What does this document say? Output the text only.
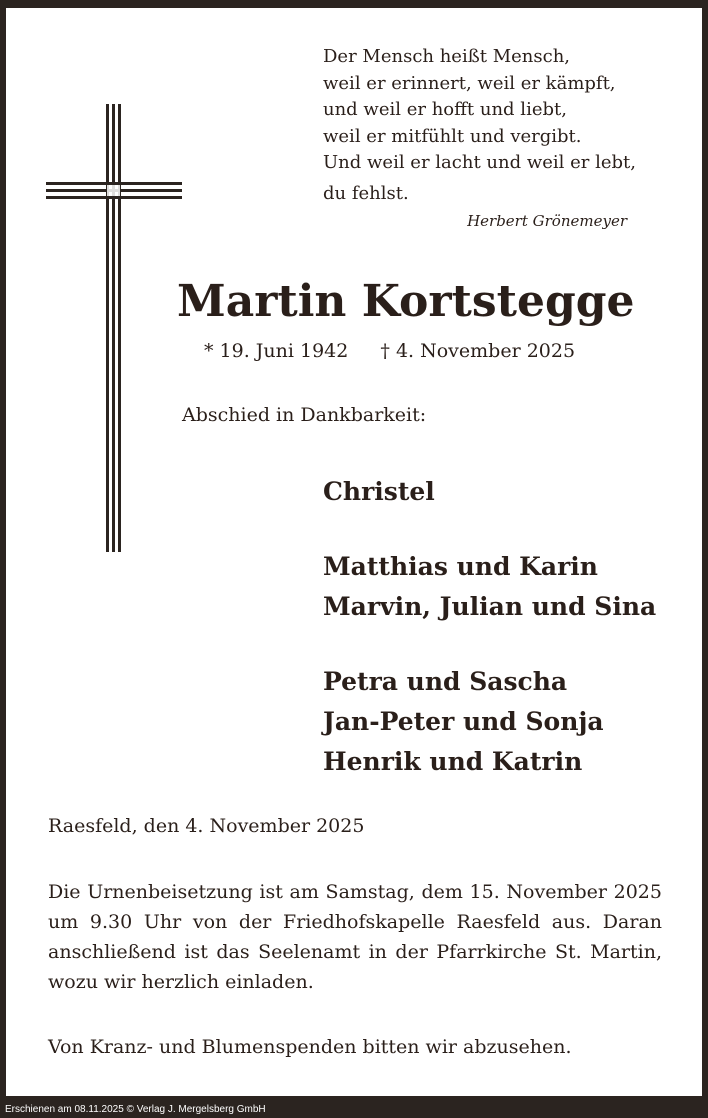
Der Mensch heißt Mensch,
weil er erinnert, weil er kämpft,
und weil er hofft und liebt,
weil er mitfühlt und vergibt.
Und weil er lacht und weil er lebt,
du fehlst.
Herbert Grönemeyer
Martin Kortstegge
* 19. Juni 1942 † 4. November 2025
Abschied in Dankbarkeit:
Christel
Matthias und Karin
Marvin, Julian und Sina
Petra und Sascha
Jan-Peter und Sonja
Henrik und Katrin
Raesfeld, den 4. November 2025
Die Urnenbeisetzung ist am Samstag, dem 15. November 2025
um 9.30 Uhr von der Friedhofskapelle Raesfeld aus. Daran
anschließend ist das Seelenamt in der Pfarrkirche St. Martin,
wozu wir herzlich einladen.
Von Kranz- und Blumenspenden bitten wir abzusehen.
Erschienen am 08.11.2025 © Verlag J. Mergelsberg GmbH
